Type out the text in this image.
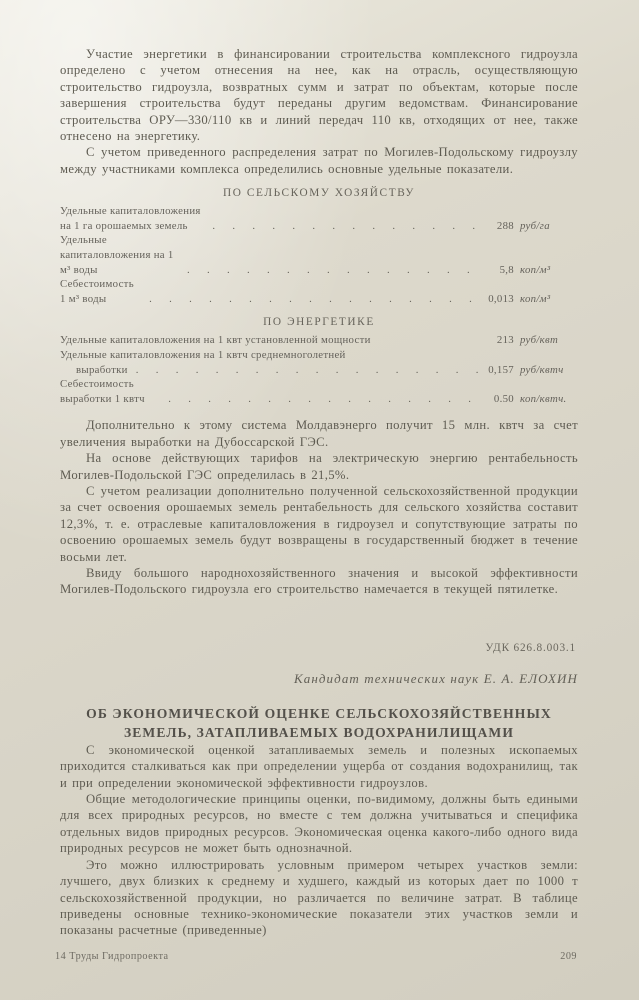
Участие энергетики в финансировании строительства комплексного гидроузла определено с учетом отнесения на нее, как на отрасль, осуществляющую строительство гидроузла, возвратных сумм и затрат по объектам, которые после завершения строительства будут переданы другим ведомствам. Финансирование строительства ОРУ—330/110 кв и линий передач 110 кв, отходящих от нее, также отнесено на энергетику.

С учетом приведенного распределения затрат по Могилев-Подольскому гидроузлу между участниками комплекса определились основные удельные показатели.

ПО СЕЛЬСКОМУ ХОЗЯЙСТВУ
Удельные капиталовложения на 1 га орошаемых земель . . .	288 руб/га
Удельные капиталовложения на 1 м³ воды . . .	5,8 коп/м³
Себестоимость 1 м³ воды . . .	0,013 коп/м³
ПО ЭНЕРГЕТИКЕ
Удельные капиталовложения на 1 квт установленной мощности	213 руб/квт
Удельные капиталовложения на 1 квтч среднемноголетней
выработки . . .	0,157 руб/квтч
Себестоимость выработки 1 квтч . . .	0.50 коп/квтч.

Дополнительно к этому система Молдавэнерго получит 15 млн. квтч за счет увеличения выработки на Дубоссарской ГЭС.

На основе действующих тарифов на электрическую энергию рентабельность Могилев-Подольской ГЭС определилась в 21,5%.

С учетом реализации дополнительно полученной сельскохозяйственной продукции за счет освоения орошаемых земель рентабельность для сельского хозяйства составит 12,3%, т. е. отраслевые капиталовложения в гидроузел и сопутствующие затраты по освоению орошаемых земель будут возвращены в государственный бюджет в течение восьми лет.

Ввиду большого народнохозяйственного значения и высокой эффективности Могилев-Подольского гидроузла его строительство намечается в текущей пятилетке.

УДК 626.8.003.1
Кандидат технических наук Е. А. ЕЛОХИН
ОБ ЭКОНОМИЧЕСКОЙ ОЦЕНКЕ СЕЛЬСКОХОЗЯЙСТВЕННЫХ
ЗЕМЕЛЬ, ЗАТАПЛИВАЕМЫХ ВОДОХРАНИЛИЩАМИ

С экономической оценкой затапливаемых земель и полезных ископаемых приходится сталкиваться как при определении ущерба от создания водохранилищ, так и при определении экономической эффективности гидроузлов.

Общие методологические принципы оценки, по-видимому, должны быть едиными для всех природных ресурсов, но вместе с тем должна учитываться и специфика отдельных видов природных ресурсов. Экономическая оценка какого-либо одного вида природных ресурсов не может быть однозначной.

Это можно иллюстрировать условным примером четырех участков земли: лучшего, двух близких к среднему и худшего, каждый из которых дает по 1000 т сельскохозяйственной продукции, но различается по величине затрат. В таблице приведены основные технико-экономические показатели этих участков земли и показаны расчетные (приведенные)

14 Труды Гидропроекта	209
